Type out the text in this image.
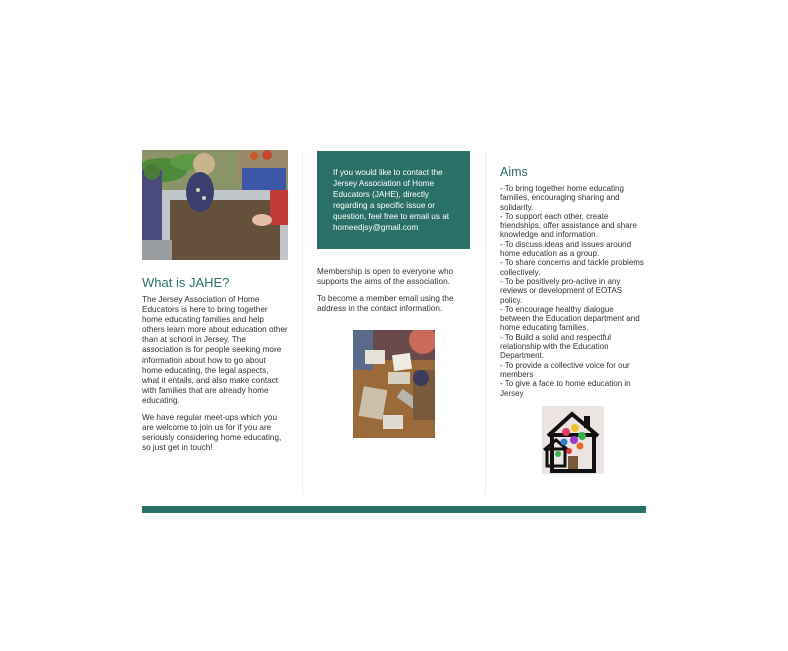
What is JAHE?

The Jersey Association of Home Educators is here to bring together home educating families and help others learn more about education other than at school in Jersey. The association is for people seeking more information about how to go about home educating, the legal aspects, what it entails, and also make contact with families that are already home educating.

We have regular meet-ups which you are welcome to join us for if you are seriously considering home educating, so just get in touch!

If you would like to contact the Jersey Association of Home Educators (JAHE), directly regarding a specific issue or question, feel free to email us at homeedjsy@gmail.com

Membership is open to everyone who supports the aims of the association.

To become a member email using the address in the contact information.

Aims
- To bring together home educating families, encouraging sharing and solidarity.
- To support each other, create friendships, offer assistance and share knowledge and information.
- To discuss ideas and issues around home education as a group.
- To share concerns and tackle problems collectively.
- To be positively pro-active in any reviews or development of EOTAS policy.
- To encourage healthy dialogue between the Education department and home educating families.
- To Build a solid and respectful relationship with the Education Department.
- To provide a collective voice for our members
- To give a face to home education in Jersey
